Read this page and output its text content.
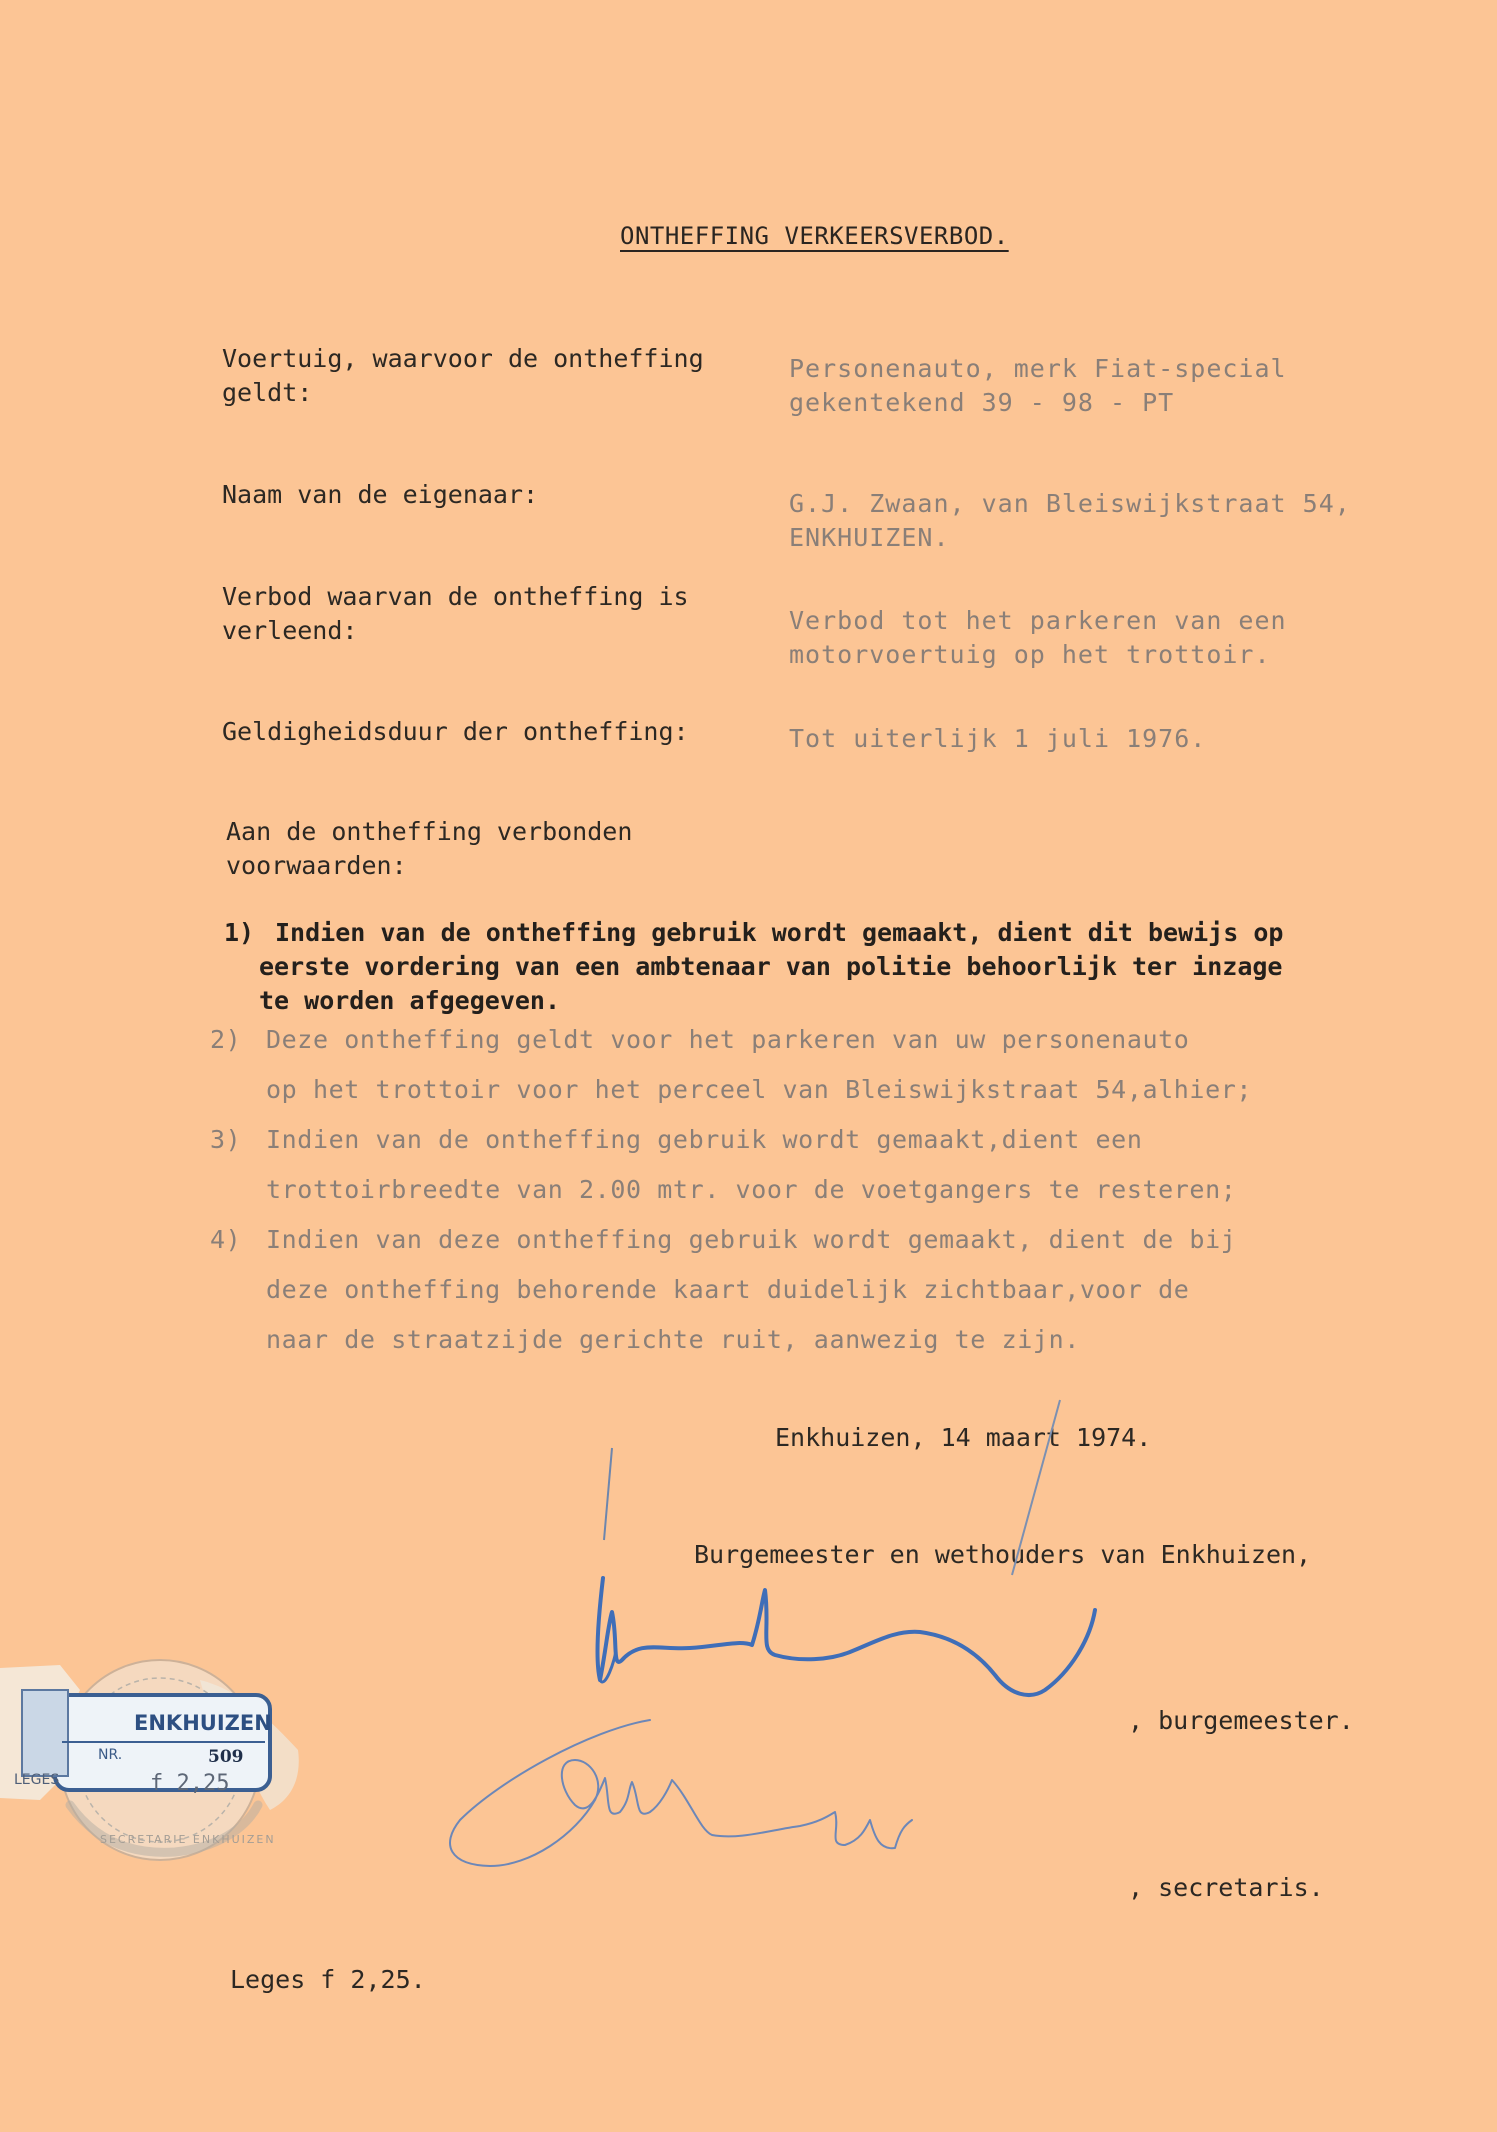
ONTHEFFING VERKEERSVERBOD.
Voertuig, waarvoor de ontheffing
geldt:
Personenauto, merk Fiat-special
gekentekend 39 - 98 - PT
Naam van de eigenaar:	G.J. Zwaan, van Bleiswijkstraat 54,
ENKHUIZEN.
Verbod waarvan de ontheffing is
verleend:	Verbod tot het parkeren van een
motorvoertuig op het trottoir.
Geldigheidsduur der ontheffing:	Tot uiterlijk 1 juli 1976.
Aan de ontheffing verbonden
voorwaarden:
1) Indien van de ontheffing gebruik wordt gemaakt, dient dit bewijs op
eerste vordering van een ambtenaar van politie behoorlijk ter inzage
te worden afgegeven.
2) Deze ontheffing geldt voor het parkeren van uw personenauto
op het trottoir voor het perceel van Bleiswijkstraat 54,alhier;
3) Indien van de ontheffing gebruik wordt gemaakt,dient een
trottoirbreedte van 2.00 mtr. voor de voetgangers te resteren;
4) Indien van deze ontheffing gebruik wordt gemaakt, dient de bij
deze ontheffing behorende kaart duidelijk zichtbaar,voor de
naar de straatzijde gerichte ruit, aanwezig te zijn.
Enkhuizen, 14 maart 1974.
Burgemeester en wethouders van Enkhuizen,
, burgemeester.
, secretaris.
Leges f 2,25.
ENKHUIZEN
NR.	509
LEGES	f 2,25
SECRETARIE ENKHUIZEN
